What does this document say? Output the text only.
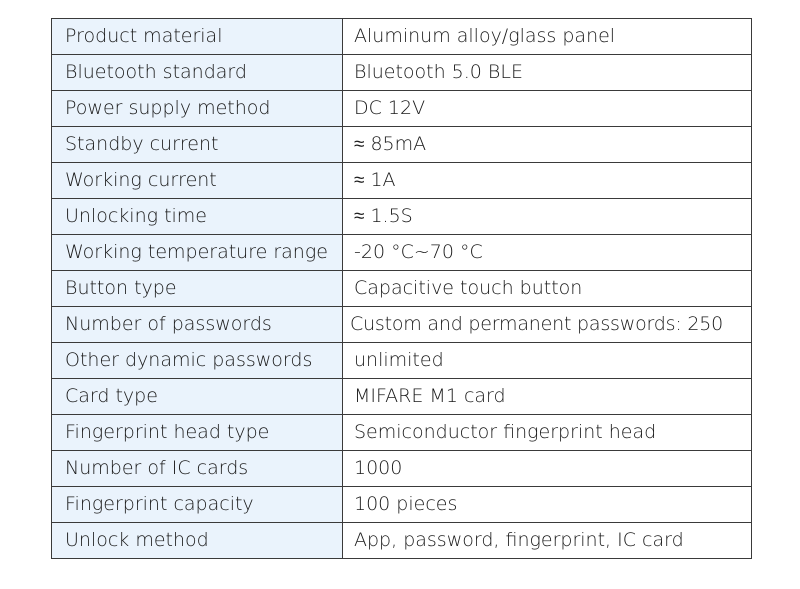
Product material	Aluminum alloy/glass panel
Bluetooth standard	Bluetooth 5.0 BLE
Power supply method	DC 12V
Standby current	≈ 85mA
Working current	≈ 1A
Unlocking time	≈ 1.5S
Working temperature range	-20 °C~70 °C
Button type	Capacitive touch button
Number of passwords	Custom and permanent passwords: 250
Other dynamic passwords	unlimited
Card type	MIFARE M1 card
Fingerprint head type	Semiconductor fingerprint head
Number of IC cards	1000
Fingerprint capacity	100 pieces
Unlock method	App, password, fingerprint, IC card
